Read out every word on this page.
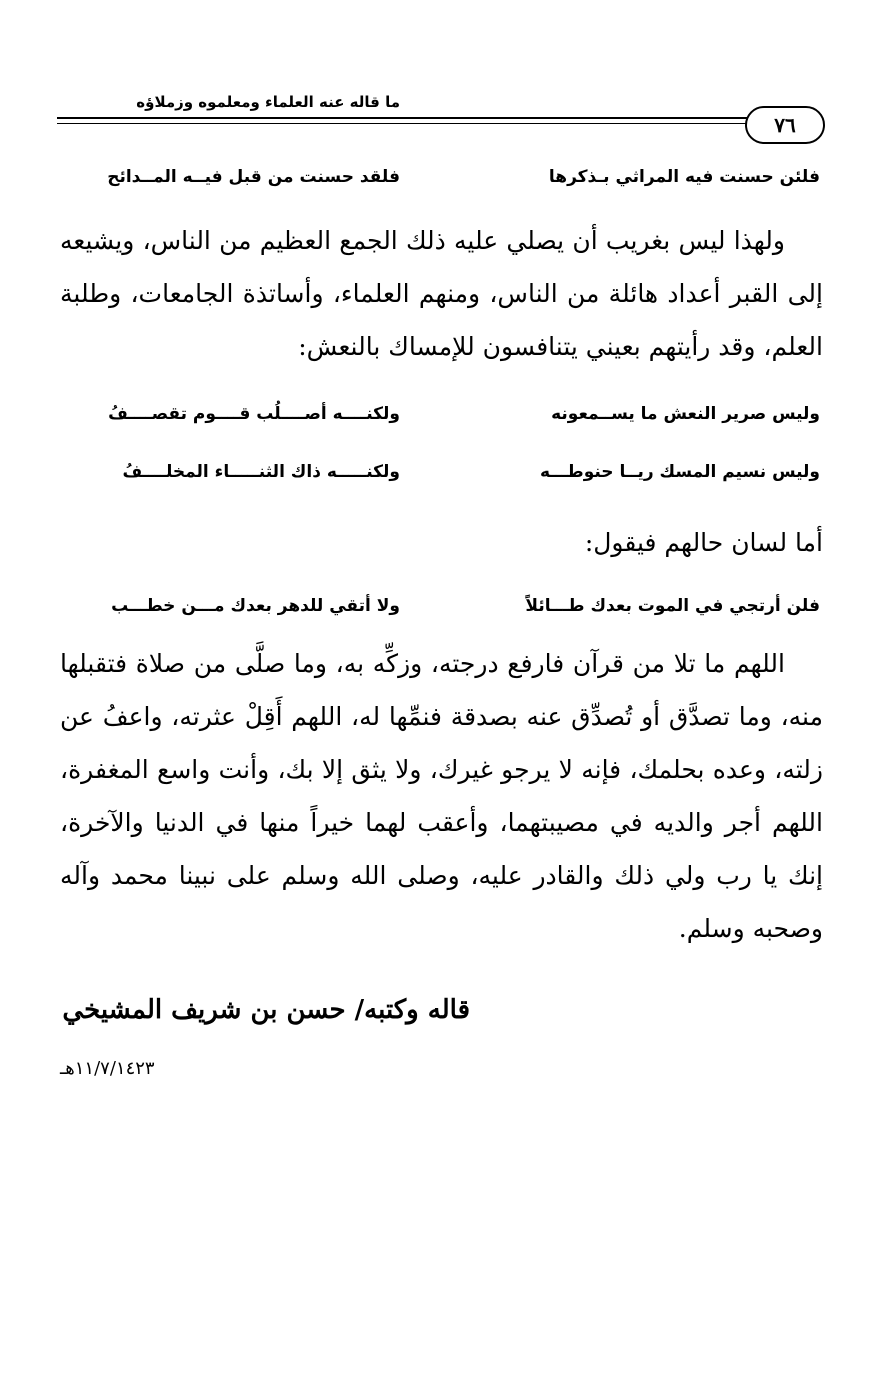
ما قاله عنه العلماء ومعلموه وزملاؤه
٧٦
فلئن حسنت فيه المراثي بـذكرها
فلقد حسنت من قبل فيــه المــدائح
ولهذا ليس بغريب أن يصلي عليه ذلك الجمع العظيم من الناس، ويشيعه إلى القبر أعداد هائلة من الناس، ومنهم العلماء، وأساتذة الجامعات، وطلبة العلم، وقد رأيتهم بعيني يتنافسون للإمساك بالنعش:
وليس صرير النعش ما يســمعونه
ولكنــــه أصــــلُب قــــوم تقصــــفُ
وليس نسيم المسك ريــا حنوطـــه
ولكنـــــه ذاك الثنـــــاء المخلــــفُ
أما لسان حالهم فيقول:
فلن أرتجي في الموت بعدك طـــائلاً
ولا أتقي للدهر بعدك مـــن خطـــب
اللهم ما تلا من قرآن فارفع درجته، وزكِّه به، وما صلَّى من صلاة فتقبلها منه، وما تصدَّق أو تُصدِّق عنه بصدقة فنمِّها له، اللهم أَقِلْ عثرته، واعفُ عن زلته، وعده بحلمك، فإنه لا يرجو غيرك، ولا يثق إلا بك، وأنت واسع المغفرة، اللهم أجر والديه في مصيبتهما، وأعقب لهما خيراً منها في الدنيا والآخرة، إنك يا رب ولي ذلك والقادر عليه، وصلى الله وسلم على نبينا محمد وآله وصحبه وسلم.
قاله وكتبه/ حسن بن شريف المشيخي
١١/٧/١٤٢٣هـ
